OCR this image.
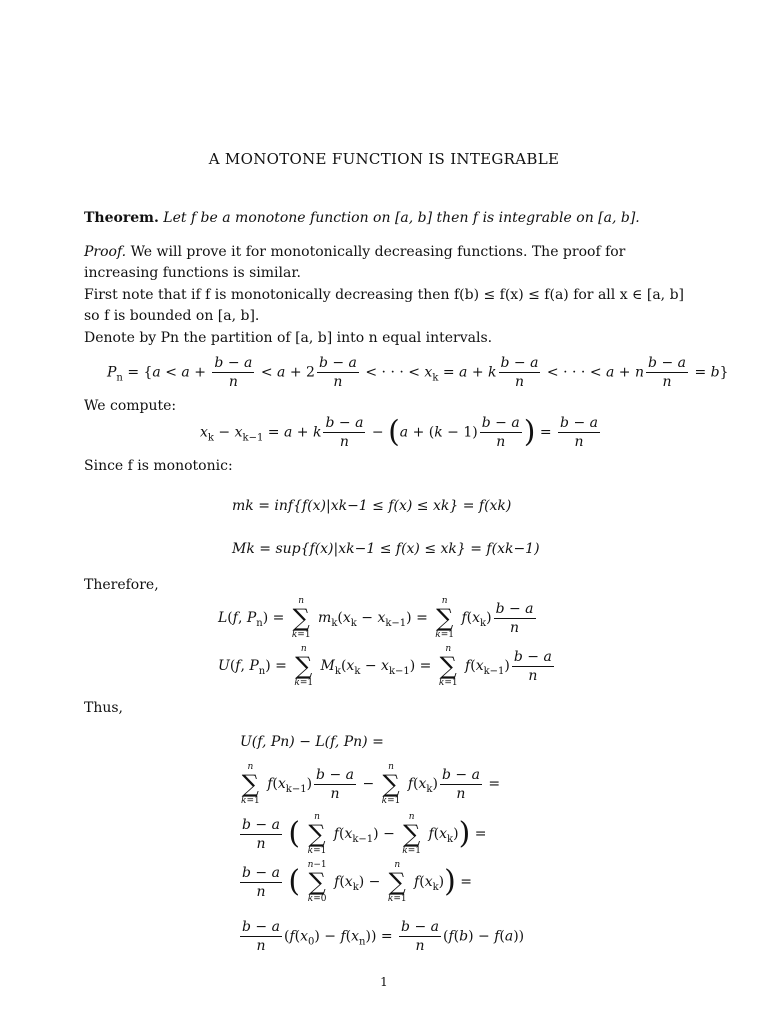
A MONOTONE FUNCTION IS INTEGRABLE
Theorem. Let f be a monotone function on [a, b] then f is integrable on [a, b].
Proof. We will prove it for monotonically decreasing functions. The proof for increasing functions is similar.
First note that if f is monotonically decreasing then f(b) ≤ f(x) ≤ f(a) for all x ∈ [a, b] so f is bounded on [a, b].
Denote by Pn the partition of [a, b] into n equal intervals.
$P_n = \{a < a + \frac{b - a}{n} < a + 2 \frac{b - a}{n}$ < · · · < $x_k = a + k \frac{b - a}{n}$ < · · · < a + n $\frac{b - a}{n} = b$}
We compute:
$x_k - x_{k-1} = a + k \frac{b - a}{n} - (a + (k - 1) \frac{b - a}{n}$ ) = $\frac{b - a}{n}$
Since f is monotonic:
mk = inf{f(x)|xk−1 ≤ f(x) ≤ xk} = f(xk)
Mk = sup{f(x)|xk−1 ≤ f(x) ≤ xk} = f(xk−1)
Therefore,
L(f, $P_n$) =
n
∑
k=1
$m_k(x_k - x_{k-1})$ =
n
∑
k=1
$f(x_k) \frac{b - a}{n}$
U(f, $P_n$) =
n
∑
k=1
$M_k(x_k - x_{k-1})$ =
n
∑
k=1
$f(x_{k-1}) \frac{b - a}{n}$
Thus,
U(f, Pn) − L(f, Pn) =
n
∑
k=1
$f(x_{k-1}) \frac{b - a}{n}$ −
n
∑
k=1
$f(x_k) \frac{b - a}{n}$ =
$\frac{b - a}{n}$ (	n
∑
k=1
$f(x_{k-1})$ −
n
∑
k=1
$f(x_k)$) =
$\frac{b - a}{n}$ ( n−1
∑
k=0
$f(x_k)$ −
n
∑
k=1
$f(x_k)$) =
$\frac{b - a}{n} (f(x_0) - f(x_n)) = \frac{b - a}{n} (f(b) - f(a))$
1
